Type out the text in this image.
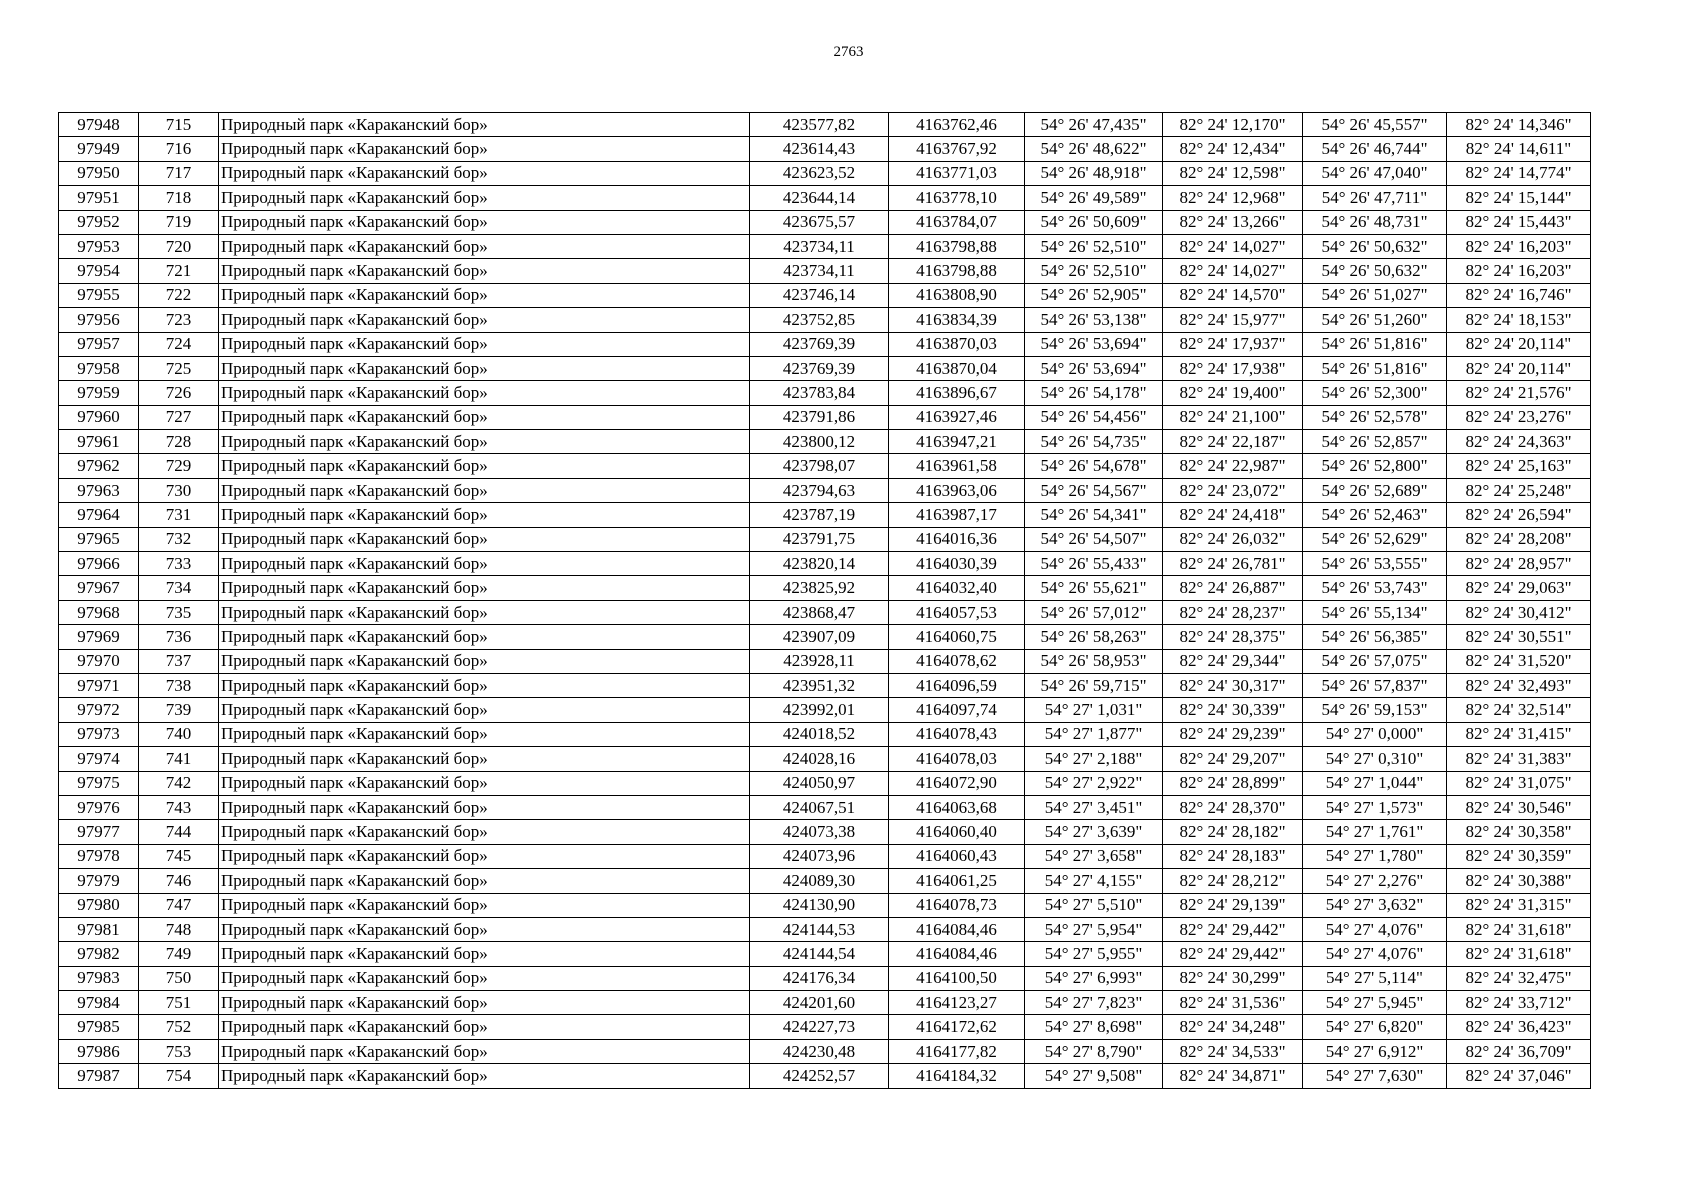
2763
97948	715	Природный парк «Караканский бор»	423577,82	4163762,46	54° 26' 47,435"	82° 24' 12,170"	54° 26' 45,557"	82° 24' 14,346"
97949	716	Природный парк «Караканский бор»	423614,43	4163767,92	54° 26' 48,622"	82° 24' 12,434"	54° 26' 46,744"	82° 24' 14,611"
97950	717	Природный парк «Караканский бор»	423623,52	4163771,03	54° 26' 48,918"	82° 24' 12,598"	54° 26' 47,040"	82° 24' 14,774"
97951	718	Природный парк «Караканский бор»	423644,14	4163778,10	54° 26' 49,589"	82° 24' 12,968"	54° 26' 47,711"	82° 24' 15,144"
97952	719	Природный парк «Караканский бор»	423675,57	4163784,07	54° 26' 50,609"	82° 24' 13,266"	54° 26' 48,731"	82° 24' 15,443"
97953	720	Природный парк «Караканский бор»	423734,11	4163798,88	54° 26' 52,510"	82° 24' 14,027"	54° 26' 50,632"	82° 24' 16,203"
97954	721	Природный парк «Караканский бор»	423734,11	4163798,88	54° 26' 52,510"	82° 24' 14,027"	54° 26' 50,632"	82° 24' 16,203"
97955	722	Природный парк «Караканский бор»	423746,14	4163808,90	54° 26' 52,905"	82° 24' 14,570"	54° 26' 51,027"	82° 24' 16,746"
97956	723	Природный парк «Караканский бор»	423752,85	4163834,39	54° 26' 53,138"	82° 24' 15,977"	54° 26' 51,260"	82° 24' 18,153"
97957	724	Природный парк «Караканский бор»	423769,39	4163870,03	54° 26' 53,694"	82° 24' 17,937"	54° 26' 51,816"	82° 24' 20,114"
97958	725	Природный парк «Караканский бор»	423769,39	4163870,04	54° 26' 53,694"	82° 24' 17,938"	54° 26' 51,816"	82° 24' 20,114"
97959	726	Природный парк «Караканский бор»	423783,84	4163896,67	54° 26' 54,178"	82° 24' 19,400"	54° 26' 52,300"	82° 24' 21,576"
97960	727	Природный парк «Караканский бор»	423791,86	4163927,46	54° 26' 54,456"	82° 24' 21,100"	54° 26' 52,578"	82° 24' 23,276"
97961	728	Природный парк «Караканский бор»	423800,12	4163947,21	54° 26' 54,735"	82° 24' 22,187"	54° 26' 52,857"	82° 24' 24,363"
97962	729	Природный парк «Караканский бор»	423798,07	4163961,58	54° 26' 54,678"	82° 24' 22,987"	54° 26' 52,800"	82° 24' 25,163"
97963	730	Природный парк «Караканский бор»	423794,63	4163963,06	54° 26' 54,567"	82° 24' 23,072"	54° 26' 52,689"	82° 24' 25,248"
97964	731	Природный парк «Караканский бор»	423787,19	4163987,17	54° 26' 54,341"	82° 24' 24,418"	54° 26' 52,463"	82° 24' 26,594"
97965	732	Природный парк «Караканский бор»	423791,75	4164016,36	54° 26' 54,507"	82° 24' 26,032"	54° 26' 52,629"	82° 24' 28,208"
97966	733	Природный парк «Караканский бор»	423820,14	4164030,39	54° 26' 55,433"	82° 24' 26,781"	54° 26' 53,555"	82° 24' 28,957"
97967	734	Природный парк «Караканский бор»	423825,92	4164032,40	54° 26' 55,621"	82° 24' 26,887"	54° 26' 53,743"	82° 24' 29,063"
97968	735	Природный парк «Караканский бор»	423868,47	4164057,53	54° 26' 57,012"	82° 24' 28,237"	54° 26' 55,134"	82° 24' 30,412"
97969	736	Природный парк «Караканский бор»	423907,09	4164060,75	54° 26' 58,263"	82° 24' 28,375"	54° 26' 56,385"	82° 24' 30,551"
97970	737	Природный парк «Караканский бор»	423928,11	4164078,62	54° 26' 58,953"	82° 24' 29,344"	54° 26' 57,075"	82° 24' 31,520"
97971	738	Природный парк «Караканский бор»	423951,32	4164096,59	54° 26' 59,715"	82° 24' 30,317"	54° 26' 57,837"	82° 24' 32,493"
97972	739	Природный парк «Караканский бор»	423992,01	4164097,74	54° 27' 1,031"	82° 24' 30,339"	54° 26' 59,153"	82° 24' 32,514"
97973	740	Природный парк «Караканский бор»	424018,52	4164078,43	54° 27' 1,877"	82° 24' 29,239"	54° 27' 0,000"	82° 24' 31,415"
97974	741	Природный парк «Караканский бор»	424028,16	4164078,03	54° 27' 2,188"	82° 24' 29,207"	54° 27' 0,310"	82° 24' 31,383"
97975	742	Природный парк «Караканский бор»	424050,97	4164072,90	54° 27' 2,922"	82° 24' 28,899"	54° 27' 1,044"	82° 24' 31,075"
97976	743	Природный парк «Караканский бор»	424067,51	4164063,68	54° 27' 3,451"	82° 24' 28,370"	54° 27' 1,573"	82° 24' 30,546"
97977	744	Природный парк «Караканский бор»	424073,38	4164060,40	54° 27' 3,639"	82° 24' 28,182"	54° 27' 1,761"	82° 24' 30,358"
97978	745	Природный парк «Караканский бор»	424073,96	4164060,43	54° 27' 3,658"	82° 24' 28,183"	54° 27' 1,780"	82° 24' 30,359"
97979	746	Природный парк «Караканский бор»	424089,30	4164061,25	54° 27' 4,155"	82° 24' 28,212"	54° 27' 2,276"	82° 24' 30,388"
97980	747	Природный парк «Караканский бор»	424130,90	4164078,73	54° 27' 5,510"	82° 24' 29,139"	54° 27' 3,632"	82° 24' 31,315"
97981	748	Природный парк «Караканский бор»	424144,53	4164084,46	54° 27' 5,954"	82° 24' 29,442"	54° 27' 4,076"	82° 24' 31,618"
97982	749	Природный парк «Караканский бор»	424144,54	4164084,46	54° 27' 5,955"	82° 24' 29,442"	54° 27' 4,076"	82° 24' 31,618"
97983	750	Природный парк «Караканский бор»	424176,34	4164100,50	54° 27' 6,993"	82° 24' 30,299"	54° 27' 5,114"	82° 24' 32,475"
97984	751	Природный парк «Караканский бор»	424201,60	4164123,27	54° 27' 7,823"	82° 24' 31,536"	54° 27' 5,945"	82° 24' 33,712"
97985	752	Природный парк «Караканский бор»	424227,73	4164172,62	54° 27' 8,698"	82° 24' 34,248"	54° 27' 6,820"	82° 24' 36,423"
97986	753	Природный парк «Караканский бор»	424230,48	4164177,82	54° 27' 8,790"	82° 24' 34,533"	54° 27' 6,912"	82° 24' 36,709"
97987	754	Природный парк «Караканский бор»	424252,57	4164184,32	54° 27' 9,508"	82° 24' 34,871"	54° 27' 7,630"	82° 24' 37,046"
